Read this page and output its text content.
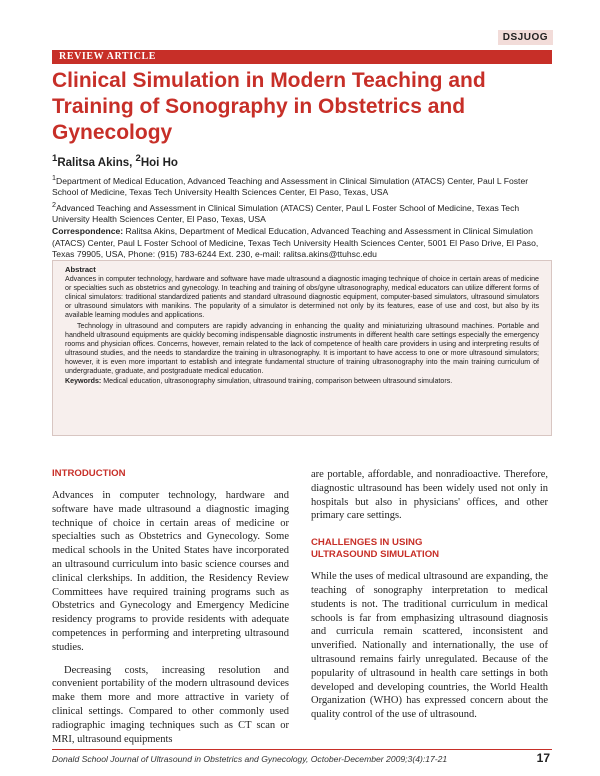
DSJUOG
REVIEW ARTICLE
Clinical Simulation in Modern Teaching and Training of Sonography in Obstetrics and Gynecology
$^1$Ralitsa Akins, $^2$Hoi Ho
$^1$Department of Medical Education, Advanced Teaching and Assessment in Clinical Simulation (ATACS) Center, Paul L Foster School of Medicine, Texas Tech University Health Sciences Center, El Paso, Texas, USA
$^2$Advanced Teaching and Assessment in Clinical Simulation (ATACS) Center, Paul L Foster School of Medicine, Texas Tech University Health Sciences Center, El Paso, Texas, USA
Correspondence: Ralitsa Akins, Department of Medical Education, Advanced Teaching and Assessment in Clinical Simulation (ATACS) Center, Paul L Foster School of Medicine, Texas Tech University Health Sciences Center, 5001 El Paso Drive, El Paso, Texas 79905, USA, Phone: (915) 783-6244 Ext. 230, e-mail: ralitsa.akins@ttuhsc.edu
Abstract

Advances in computer technology, hardware and software have made ultrasound a diagnostic imaging technique of choice in certain areas of medicine or specialties such as obstetrics and gynecology. In teaching and training of obs/gyne ultrasonography, medical educators can utilize different forms of clinical simulators: traditional standardized patients and standard ultrasound diagnostic equipment, computer-based simulators, ultrasound simulators or ultrasound simulators with manikins. The popularity of a simulator is determined not only by its features, ease of use and cost, but also by its available learning modules and applications.

Technology in ultrasound and computers are rapidly advancing in enhancing the quality and miniaturizing ultrasound machines. Portable and handheld ultrasound equipments are quickly becoming indispensable diagnostic instruments in different health care settings especially the emergency rooms and physician offices. Concerns, however, remain related to the lack of competence of health care providers in using and interpreting results of ultrasound studies, and the needs to standardize the training in ultrasonography. It is important to have access to one or more ultrasound simulators; however, it is even more important to establish and integrate fundamental structure of training ultrasonography into the main training curriculum of undergraduate, graduate, and postgraduate medical education.

Keywords: Medical education, ultrasonography simulation, ultrasound training, comparison between ultrasound simulators.

INTRODUCTION

Advances in computer technology, hardware and software have made ultrasound a diagnostic imaging technique of choice in certain areas of medicine or specialties such as Obstetrics and Gynecology. Some medical schools in the United States have incorporated an ultrasound curriculum into basic science courses and clinical clerkships. In addition, the Residency Review Committees have required training programs such as Obstetrics and Gynecology and Emergency Medicine residency programs to provide residents with adequate competences in performing and interpreting ultrasound studies.

Decreasing costs, increasing resolution and convenient portability of the modern ultrasound devices make them more and more attractive in variety of clinical settings. Compared to other commonly used radiographic imaging techniques such as CT scan or MRI, ultrasound equipments

are portable, affordable, and nonradioactive. Therefore, diagnostic ultrasound has been widely used not only in hospitals but also in physicians' offices, and other primary care settings.

CHALLENGES IN USING
ULTRASOUND SIMULATION

While the uses of medical ultrasound are expanding, the teaching of sonography interpretation to medical students is not. The traditional curriculum in medical schools is far from emphasizing ultrasound diagnosis and curricula remain scattered, inconsistent and unverified. Nationally and internationally, the use of ultrasound remains fairly unregulated. Because of the popularity of ultrasound in health care settings in both developed and developing countries, the World Health Organization (WHO) has expressed concern about the quality control of the use of ultrasound.

Donald School Journal of Ultrasound in Obstetrics and Gynecology, October-December 2009;3(4):17-21	17
